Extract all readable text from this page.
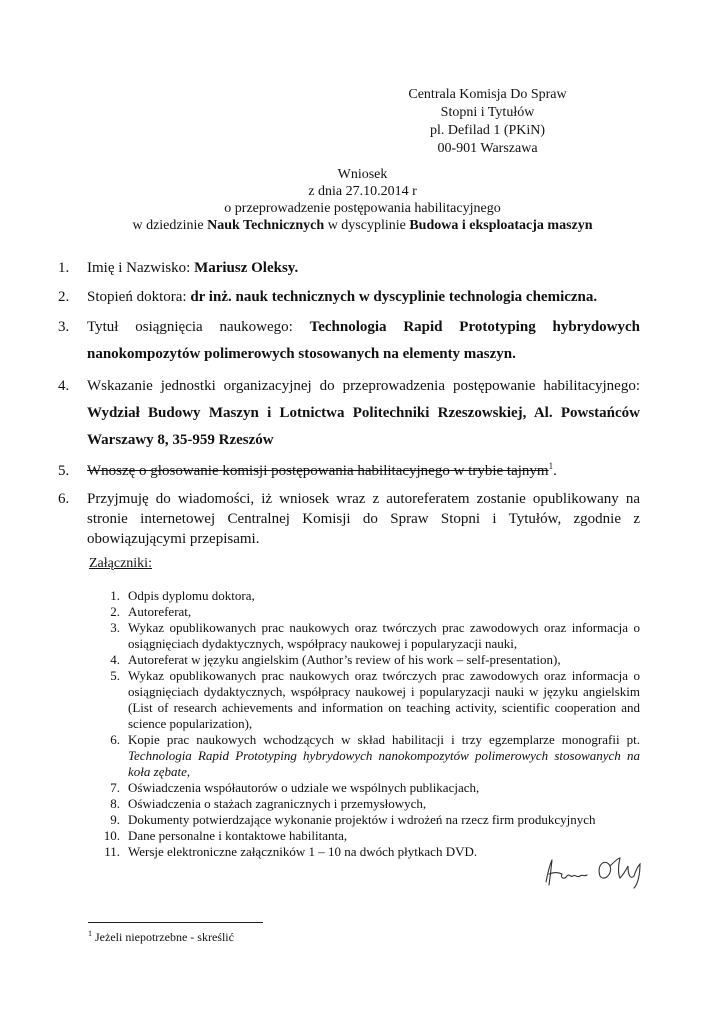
Centrala Komisja Do Spraw
Stopni i Tytułów
pl. Defilad 1 (PKiN)
00-901 Warszawa
Wniosek
z dnia 27.10.2014 r
o przeprowadzenie postępowania habilitacyjnego
w dziedzinie Nauk Technicznych w dyscyplinie Budowa i eksploatacja maszyn
1. Imię i Nazwisko: Mariusz Oleksy.
2. Stopień doktora: dr inż. nauk technicznych w dyscyplinie technologia chemiczna.
3. Tytuł osiągnięcia naukowego: Technologia Rapid Prototyping hybrydowych nanokompozytów polimerowych stosowanych na elementy maszyn.
4. Wskazanie jednostki organizacyjnej do przeprowadzenia postępowanie habilitacyjnego: Wydział Budowy Maszyn i Lotnictwa Politechniki Rzeszowskiej, Al. Powstańców Warszawy 8, 35-959 Rzeszów
5. Wnoszę o głosowanie komisji postępowania habilitacyjnego w trybie tajnym$^1$.
6. Przyjmuję do wiadomości, iż wniosek wraz z autoreferatem zostanie opublikowany na stronie internetowej Centralnej Komisji do Spraw Stopni i Tytułów, zgodnie z obowiązującymi przepisami.
Załączniki:
1. Odpis dyplomu doktora,
2. Autoreferat,
3. Wykaz opublikowanych prac naukowych oraz twórczych prac zawodowych oraz informacja o osiągnięciach dydaktycznych, współpracy naukowej i popularyzacji nauki,
4. Autoreferat w języku angielskim (Author’s review of his work – self-presentation),
5. Wykaz opublikowanych prac naukowych oraz twórczych prac zawodowych oraz informacja o osiągnięciach dydaktycznych, współpracy naukowej i popularyzacji nauki w języku angielskim (List of research achievements and information on teaching activity, scientific cooperation and science popularization),
6. Kopie prac naukowych wchodzących w skład habilitacji i trzy egzemplarze monografii pt. Technologia Rapid Prototyping hybrydowych nanokompozytów polimerowych stosowanych na koła zębate,
7. Oświadczenia współautorów o udziale we wspólnych publikacjach,
8. Oświadczenia o stażach zagranicznych i przemysłowych,
9. Dokumenty potwierdzające wykonanie projektów i wdrożeń na rzecz firm produkcyjnych
10. Dane personalne i kontaktowe habilitanta,
11. Wersje elektroniczne załączników 1 – 10 na dwóch płytkach DVD.
$^1$ Jeżeli niepotrzebne - skreślić
